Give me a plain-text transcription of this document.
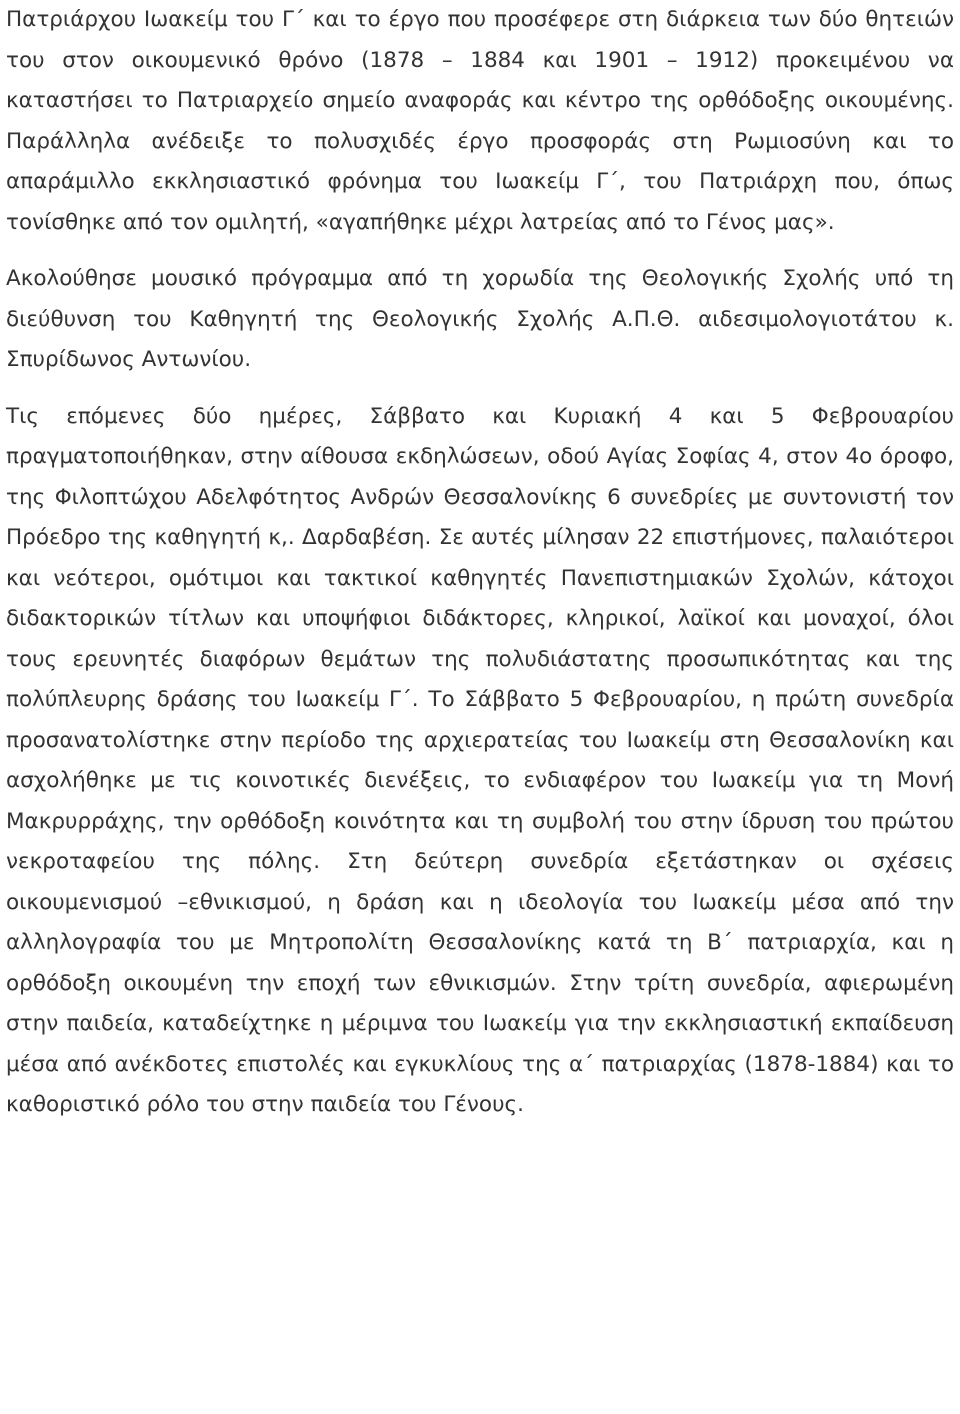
Πατριάρχου Ιωακείμ του Γ΄ και το έργο που προσέφερε στη διάρκεια των δύο θητειών του στον οικουμενικό θρόνο (1878 – 1884 και 1901 – 1912) προκειμένου να καταστήσει το Πατριαρχείο σημείο αναφοράς και κέντρο της ορθόδοξης οικουμένης. Παράλληλα ανέδειξε το πολυσχιδές έργο προσφοράς στη Ρωμιοσύνη και το απαράμιλλο εκκλησιαστικό φρόνημα του Ιωακείμ Γ΄, του Πατριάρχη που, όπως τονίσθηκε από τον ομιλητή, «αγαπήθηκε μέχρι λατρείας από το Γένος μας».

Ακολούθησε μουσικό πρόγραμμα από τη χορωδία της Θεολογικής Σχολής υπό τη διεύθυνση του Καθηγητή της Θεολογικής Σχολής Α.Π.Θ. αιδεσιμολογιοτάτου κ. Σπυρίδωνος Αντωνίου.

Τις επόμενες δύο ημέρες, Σάββατο και Κυριακή 4 και 5 Φεβρουαρίου πραγματοποιήθηκαν, στην αίθουσα εκδηλώσεων, οδού Αγίας Σοφίας 4, στον 4ο όροφο, της Φιλοπτώχου Αδελφότητος Ανδρών Θεσσαλονίκης 6 συνεδρίες με συντονιστή τον Πρόεδρο της καθηγητή κ,. Δαρδαβέση. Σε αυτές μίλησαν 22 επιστήμονες, παλαιότεροι και νεότεροι, ομότιμοι και τακτικοί καθηγητές Πανεπιστημιακών Σχολών, κάτοχοι διδακτορικών τίτλων και υποψήφιοι διδάκτορες, κληρικοί, λαϊκοί και μοναχοί, όλοι τους ερευνητές διαφόρων θεμάτων της πολυδιάστατης προσωπικότητας και της πολύπλευρης δράσης του Ιωακείμ Γ΄. Το Σάββατο 5 Φεβρουαρίου, η πρώτη συνεδρία προσανατολίστηκε στην περίοδο της αρχιερατείας του Ιωακείμ στη Θεσσαλονίκη και ασχολήθηκε με τις κοινοτικές διενέξεις, το ενδιαφέρον του Ιωακείμ για τη Μονή Μακρυρράχης, την ορθόδοξη κοινότητα και τη συμβολή του στην ίδρυση του πρώτου νεκροταφείου της πόλης. Στη δεύτερη συνεδρία εξετάστηκαν οι σχέσεις οικουμενισμού –εθνικισμού, η δράση και η ιδεολογία του Ιωακείμ μέσα από την αλληλογραφία του με Μητροπολίτη Θεσσαλονίκης κατά τη Β΄ πατριαρχία, και η ορθόδοξη οικουμένη την εποχή των εθνικισμών. Στην τρίτη συνεδρία, αφιερωμένη στην παιδεία, καταδείχτηκε η μέριμνα του Ιωακείμ για την εκκλησιαστική εκπαίδευση μέσα από ανέκδοτες επιστολές και εγκυκλίους της α΄ πατριαρχίας (1878-1884) και το καθοριστικό ρόλο του στην παιδεία του Γένους.
